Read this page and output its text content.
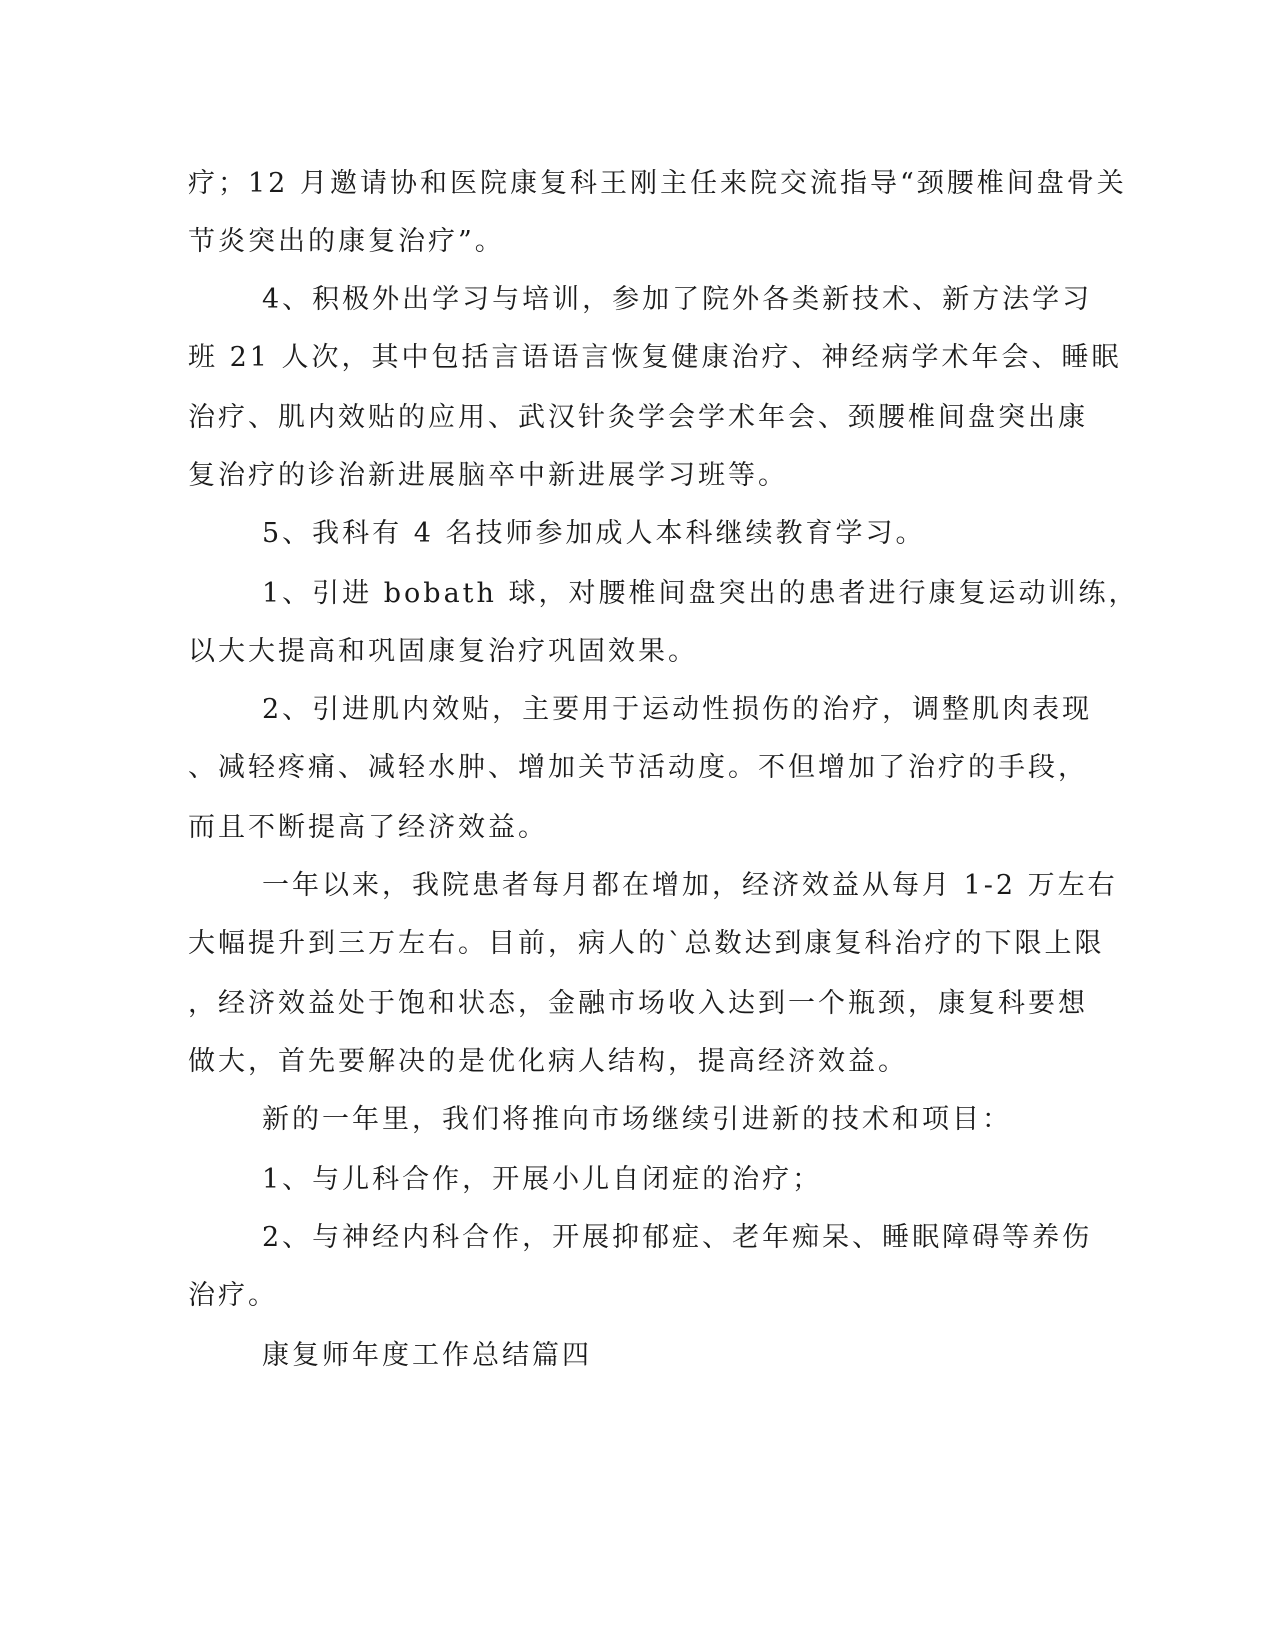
疗；12 月邀请协和医院康复科王刚主任来院交流指导“颈腰椎间盘骨关
节炎突出的康复治疗”。
4、积极外出学习与培训，参加了院外各类新技术、新方法学习
班 21 人次，其中包括言语语言恢复健康治疗、神经病学术年会、睡眠
治疗、肌内效贴的应用、武汉针灸学会学术年会、颈腰椎间盘突出康
复治疗的诊治新进展脑卒中新进展学习班等。
5、我科有 4 名技师参加成人本科继续教育学习。
1、引进 bobath 球，对腰椎间盘突出的患者进行康复运动训练，
以大大提高和巩固康复治疗巩固效果。
2、引进肌内效贴，主要用于运动性损伤的治疗，调整肌肉表现
、减轻疼痛、减轻水肿、增加关节活动度。不但增加了治疗的手段，
而且不断提高了经济效益。
一年以来，我院患者每月都在增加，经济效益从每月 1-2 万左右
大幅提升到三万左右。目前，病人的`总数达到康复科治疗的下限上限
，经济效益处于饱和状态，金融市场收入达到一个瓶颈，康复科要想
做大，首先要解决的是优化病人结构，提高经济效益。
新的一年里，我们将推向市场继续引进新的技术和项目：
1、与儿科合作，开展小儿自闭症的治疗；
2、与神经内科合作，开展抑郁症、老年痴呆、睡眠障碍等养伤
治疗。
康复师年度工作总结篇四
